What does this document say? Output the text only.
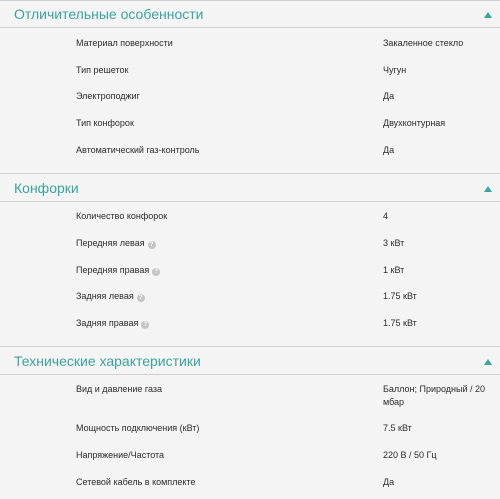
Отличительные особенности
Материал поверхности	Закаленное стекло
Тип решеток	Чугун
Электроподжиг	Да
Тип конфорок	Двухконтурная
Автоматический газ-контроль	Да
Конфорки
Количество конфорок	4
Передняя левая ?	3 кВт
Передняя правая ?	1 кВт
Задняя левая ?	1.75 кВт
Задняя правая ?	1.75 кВт
Технические характеристики
Вид и давление газа	Баллон; Природный / 20 мбар
Мощность подключения (кВт)	7.5 кВт
Напряжение/Частота	220 В / 50 Гц
Сетевой кабель в комплекте	Да
